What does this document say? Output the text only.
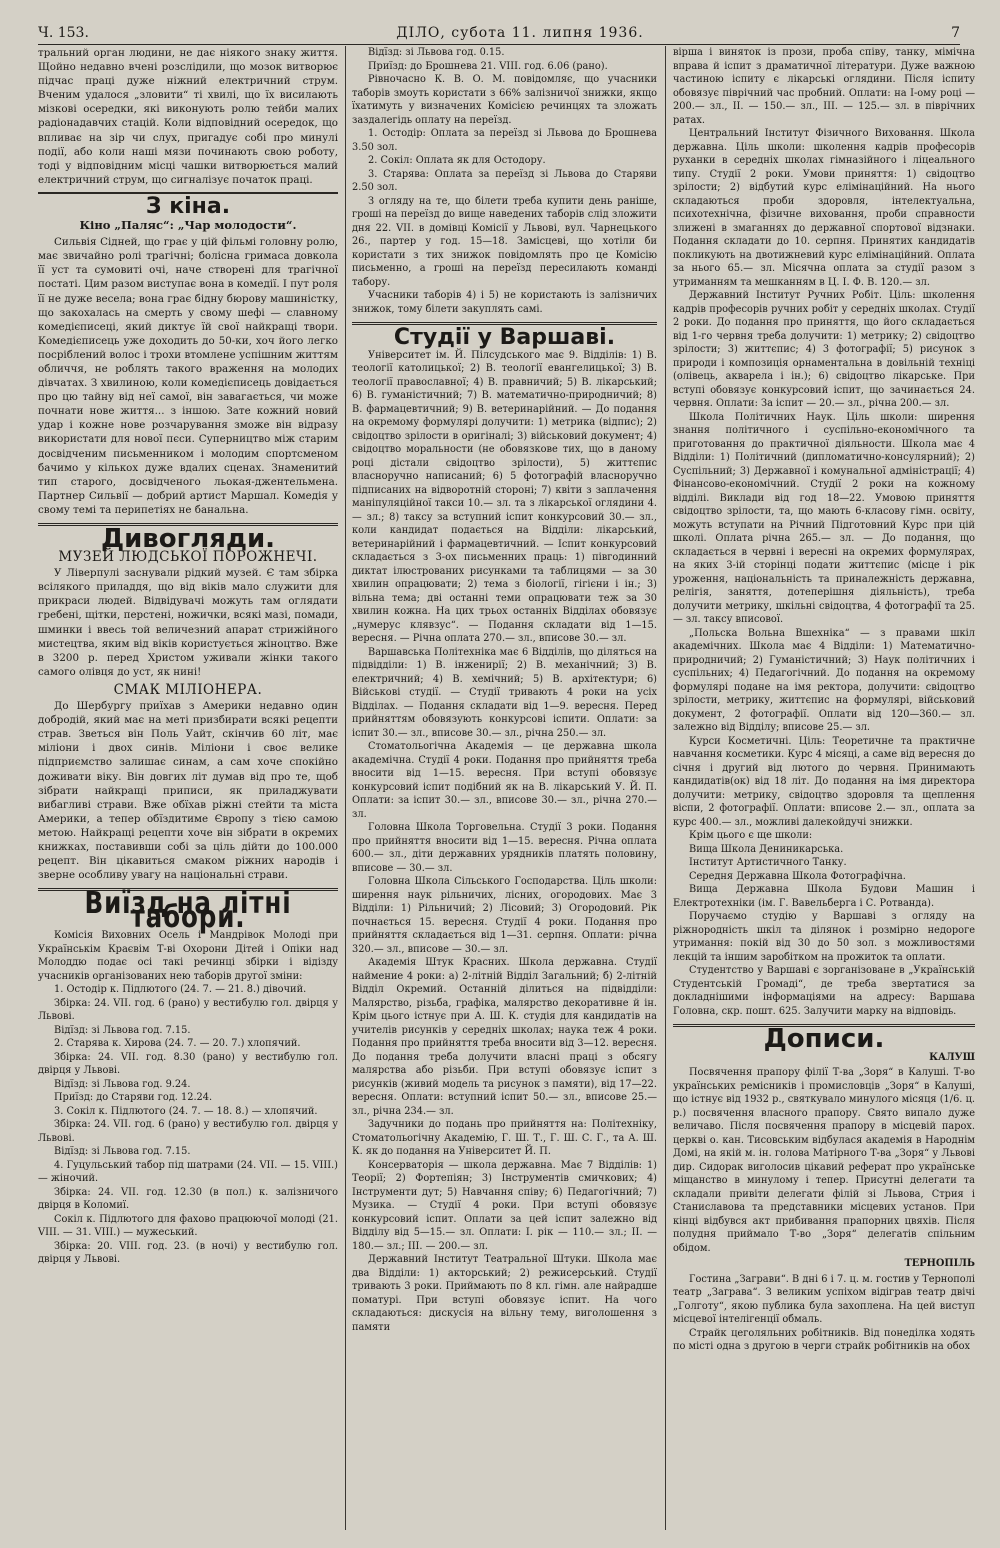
Ч. 153.	ДІЛО, субота 11. липня 1936.	7

тральний орган людини, не дає ніякого знаку життя. Щойно недавно вчені розслідили, що мозок витворює підчас праці дуже ніжний електричний струм. Вченим удалося „зловити“ ті хвилі, що їх висилають мізкові осередки, які виконують ролю тейби малих радіонадавчих стацій. Коли відповідний осередок, що впливає на зір чи слух, пригадує собі про минулі події, або коли наші мязи починають свою роботу, тоді у відповідним місці чашки витворюється малий електричний струм, що сигналізує початок праці.

З кіна.
Кіно „Паляс“: „Чар молодости“.

Сильвія Сідней, що грає у цій фільмі головну ролю, має звичайно ролі трагічні; болісна гримаса довкола її уст та сумовиті очі, наче створені для трагічної постаті. Цим разом виступає вона в комедії. І пут роля її не дуже весела; вона грає бідну бюрову машиністку, що закохалась на смерть у свому шефі — славному комедієписеці, який диктує їй свої найкращі твори. Комедієписець уже доходить до 50-ки, хоч його легко посріблений волос і трохи втомлене успішним життям обличчя, не роблять такого враження на молодих дівчатах. З хвилиною, коли комедієписець довідається про цю тайну від неї самої, він завагається, чи може почнати нове життя... з іншою. Зате кожний новий удар і кожне нове розчарування зможе він відразу використати для нової пєси. Суперництво між старим досвідченим письменником і молодим спортсменом бачимо у кількох дуже вдалих сценах. Знаменитий тип старого, досвідченого льокая-джентельмена. Партнер Сильвії — добрий артист Маршал. Комедія у свому темі та перипетіях не банальна.

Дивогляди.
МУЗЕЙ ЛЮДСЬКОЇ ПОРОЖНЕЧІ.

У Ліверпулі заснували рідкий музей. Є там збірка всілякого приладдя, що від віків мало служити для прикраси людей. Відвідувачі можуть там оглядати гребені, щітки, перстені, ножички, всякі мазі, помади, шминки і ввесь той величезний апарат стрижійного мистецтва, яким від віків користується жіноцтво. Вже в 3200 р. перед Христом уживали жінки такого самого олівця до уст, як нині!

СМАК МІЛІОНЕРА.

До Шербургу приїхав з Америки недавно один добродій, який має на меті призбирати всякі рецепти страв. Зветься він Поль Уайт, скінчив 60 літ, має міліони і двох синів. Міліони і своє велике підприємство залишає синам, а сам хоче спокійно доживати віку. Він довгих літ думав від про те, щоб зібрати найкращі приписи, як приладжувати вибагливі страви. Вже обїхав ріжні стейти та міста Америки, а тепер обїздитиме Європу з тією самою метою. Найкращі рецепти хоче він зібрати в окремих книжках, поставивши собі за ціль дійти до 100.000 рецепт. Він цікавиться смаком ріжних народів і зверне особливу увагу на національні страви.

Виїзд на літні табори.

Комісія Виховних Осель і Мандрівок Молоді при Українськім Краєвім Т-ві Охорони Дітей і Опіки над Молоддю подає осі такі речинці збірки і відізду учасників організованих нею таборів другої зміни:

1. Остодір к. Підлютого (24. 7. — 21. 8.) дівочий.

Збірка: 24. VII. год. 6 (рано) у вестибулю гол. двірця у Львові.

Відїзд: зі Львова год. 7.15.

2. Старява к. Хирова (24. 7. — 20. 7.) хлопячий.

Збірка: 24. VII. год. 8.30 (рано) у вестибулю гол. двірця у Львові.

Відїзд: зі Львова год. 9.24.

Приїзд: до Старяви год. 12.24.

3. Сокіл к. Підлютого (24. 7. — 18. 8.) — хлопячий.

Збірка: 24. VII. год. 6 (рано) у вестибулю гол. двірця у Львові.

Відїзд: зі Львова год. 7.15.

4. Гуцульський табор під шатрами (24. VII. — 15. VIII.) — жіночий.

Збірка: 24. VII. год. 12.30 (в пол.) к. залізничого двірця в Коломиї.

Сокіл к. Підлютого для фахово працюючої молоді (21. VIII. — 31. VIII.) — мужеський.

Збірка: 20. VIII. год. 23. (в ночі) у вестибулю гол. двірця у Львові.

Відїзд: зі Львова год. 0.15.

Приїзд: до Брошнева 21. VIII. год. 6.06 (рано).

Рівночасно К. В. О. М. повідомляє, що учасники таборів змоуть користати з 66% залізничої знижки, якщо їхатимуть у визначених Комісією речинцях та зложать заздалегідь оплату на переїзд.

1. Остодір: Оплата за переїзд зі Львова до Брошнева 3.50 зол.

2. Сокіл: Оплата як для Остодору.

3. Старява: Оплата за переїзд зі Львова до Старяви 2.50 зол.

З огляду на те, що білети треба купити день раніше, гроші на переїзд до вище наведених таборів слід зложити дня 22. VII. в домівці Комісії у Львові, вул. Чарнецького 26., партер у год. 15—18. Замісцеві, що хотіли би користати з тих знижок повідомлять про це Комісію письменно, а гроші на переїзд пересилають команді табору.

Учасники таборів 4) і 5) не користають із залізничих знижок, тому білети закуплять самі.

Студії у Варшаві.

Університет ім. Й. Пілсудського має 9. Відділів: 1) В. теології католицької; 2) В. теології евангелицької; 3) В. теології православної; 4) В. правничий; 5) В. лікарський; 6) В. гуманістичний; 7) В. математично-природничий; 8) В. фармацевтичний; 9) В. ветеринарійний. — До подання на окремому формулярі долучити: 1) метрика (відпис); 2) свідоцтво зрілости в оригіналі; 3) військовий документ; 4) свідоцтво моральности (не обовязкове тих, що в даному році дістали свідоцтво зрілости), 5) життєпис власноручно написаний; 6) 5 фотографій власноручно підписаних на відворотній стороні; 7) квіти з заплачення маніпуляційної такси 10.— зл. та з лікарської оглядини 4.— зл.; 8) таксу за вступний іспит конкурсовий 30.— зл., коли кандидат подається на Відділи: лікарський, ветеринарійний і фармацевтичний. — Іспит конкурсовий складається з 3-ох письменних праць: 1) пiвгодинний диктат ілюстрованих рисунками та таблицями — за 30 хвилин опрацювати; 2) тема з біології, гігієни і ін.; 3) вільна тема; дві останні теми опрацювати теж за 30 хвилин кожна. На цих трьох останніх Відділах обовязує „нумерус клявзус“. — Подання складати від 1—15. вересня. — Річна оплата 270.— зл., вписове 30.— зл.

Варшавська Політехніка має 6 Відділів, що діляться на підвідділи: 1) В. інженирії; 2) В. механічний; 3) В. електричний; 4) В. хемічний; 5) В. архітектури; 6) Військові студії. — Студії тривають 4 роки на усіх Відділах. — Подання складати від 1—9. вересня. Перед прийняттям обовязують конкурсові іспити. Оплати: за іспит 30.— зл., вписове 30.— зл., річна 250.— зл.

Стоматольогічна Академія — це державна школа академічна. Студії 4 роки. Подання про прийняття треба вносити від 1—15. вересня. При вступі обовязує конкурсовий іспит подібний як на В. лікарський У. Й. П. Оплати: за іспит 30.— зл., вписове 30.— зл., річна 270.— зл.

Головна Школа Торговельна. Студії 3 роки. Подання про прийняття вносити від 1—15. вересня. Річна оплата 600.— зл., діти державних урядників платять половину, вписове — 30.— зл.

Головна Школа Сільського Господарства. Ціль школи: ширення наук рільничих, лісних, огородових. Має 3 Відділи: 1) Рільничий; 2) Лісовий; 3) Огородовий. Рік почнається 15. вересня. Студії 4 роки. Подання про прийняття складається від 1—31. серпня. Оплати: річна 320.— зл., вписове — 30.— зл.

Академія Штук Красних. Школа державна. Студії наймение 4 роки: а) 2-літній Відділ Загальний; б) 2-літній Відділ Окремий. Останній ділиться на підвідділи: Малярство, різьба, графіка, малярство декоративне й ін. Крім цього істнує при А. Ш. К. студія для кандидатів на учителів рисунків у середніх школах; наука теж 4 роки. Подання про прийняття треба вносити від 3—12. вересня. До подання треба долучити власні праці з обсягу малярства або різьби. При вступі обовязує іспит з рисунків (живий модель та рисунок з памяти), від 17—22. вересня. Оплати: вступний іспит 50.— зл., вписове 25.— зл., річна 234.— зл.

Задучники до подань про прийняття на: Політехніку, Стоматольогічну Академію, Г. Ш. Т., Г. Ш. С. Г., та А. Ш. К. як до подання на Університет Й. П.

Консерваторія — школа державна. Має 7 Відділів: 1) Теорії; 2) Фортепіян; 3) Інструментів смичкових; 4) Інструменти дут; 5) Навчання співу; 6) Педагогічний; 7) Музика. — Студії 4 роки. При вступі обовязує конкурсовий іспит. Оплати за цей іспит залежно від Відділу від 5—15.— зл. Оплати: І. рік — 110.— зл.; II. — 180.— зл.; III. — 200.— зл.

Державний Інститут Театральної Штуки. Школа має два Відділи: 1) акторський; 2) режисерський. Студії тривають 3 роки. Приймають по 8 кл. гімн. але найрадше поматурі. При вступі обовязує іспит. На чого складаються: дискусія на вільну тему, виголошення з памяти

вірша і виняток із прози, проба співу, танку, мімічна вправа й іспит з драматичної літератури. Дуже важною частиною іспиту є лікарські оглядини. Після іспиту обовязує піврічний час пробний. Оплати: на І-ому році — 200.— зл., II. — 150.— зл., III. — 125.— зл. в піврічних ратах.

Центральний Інститут Фізичного Виховання. Школа державна. Ціль школи: школення кадрів професорів руханки в середніх школах гімназійного і ліцеального типу. Студії 2 роки. Умови приняття: 1) свідоцтво зрілости; 2) відбутий курс елімінаційний. На нього складаються проби здоровля, інтелектуальна, психотехнічна, фізичне виховання, проби справности злижені в змаганнях до державної спортової відзнаки. Подання складати до 10. серпня. Принятих кандидатів покликують на двотижневий курс елімінаційний. Оплата за нього 65.— зл. Місячна оплата за студії разом з утриманням та мешканням в Ц. І. Ф. В. 120.— зл.

Державний Інститут Ручних Робіт. Ціль: школення кадрів професорів ручних робіт у середніх школах. Студії 2 роки. До подання про приняття, що його складається від 1-го червня треба долучити: 1) метрику; 2) свідоцтво зрілости; 3) життєпис; 4) 3 фотографії; 5) рисунок з природи і композиція орнаментальна в довільній техніці (олівець, акварела і ін.); 6) свідоцтво лікарське. При вступі обовязує конкурсовий іспит, що зачинається 24. червня. Оплати: За іспит — 20.— зл., річна 200.— зл.

Школа Політичних Наук. Ціль школи: ширення знання політичного і суспільно-економічного та приготовання до практичної діяльности. Школа має 4 Відділи: 1) Політичний (дипломатично-консулярний); 2) Суспільний; 3) Державної і комунальної адміністрації; 4) Фінансово-економічний. Студії 2 роки на кожному відділі. Виклади від год 18—22. Умовою приняття свідоцтво зрілости, та, що мають 6-класову гімн. освіту, можуть вступати на Річний Підготовний Курс при цій школі. Оплата річна 265.— зл. — До подання, що складається в червні і вересні на окремих формулярах, на яких 3-ій сторінці подати життєпис (місце і рік уроження, національність та приналежність державна, релігія, заняття, дотеперішня діяльність), треба долучити метрику, шкільні свідоцтва, 4 фотографії та 25.— зл. таксу вписової.

„Польска Вольна Вшехніка“ — з правами шкіл академічних. Школа має 4 Відділи: 1) Математично-природничий; 2) Гуманістичний; 3) Наук політичних і суспільних; 4) Педагогічний. До подання на окремому формулярі подане на імя ректора, долучити: свідоцтво зрілости, метрику, життєпис на формулярі, військовий документ, 2 фотографії. Оплати від 120—360.— зл. залежно від Відділу; вписове 25.— зл.

Курси Косметичні. Ціль: Теоретичне та практичне навчання косметики. Курс 4 місяці, а саме від вересня до січня і другий від лютого до червня. Принимають кандидатів(ок) від 18 літ. До подання на імя директора долучити: метрику, свідоцтво здоровля та щеплення віспи, 2 фотографії. Оплати: вписове 2.— зл., оплата за курс 400.— зл., можливі далекойдучі знижки.

Крім цього є ще школи:

Вища Школа Дениникарська.

Інститут Артистичного Танку.

Середня Державна Школа Фотографічна.

Вища Державна Школа Будови Машин і Електротехніки (ім. Г. Вавельберга і С. Ротванда).

Поручаємо студію у Варшаві з огляду на ріжнородність шкіл та ділянок і розмірно недороге утримання: покій від 30 до 50 зол. з можливостями лекцій та іншим заробітком на прожиток та оплати.

Студентство у Варшаві є зорганізоване в „Українській Студентській Громаді“, де треба звертатися за докладнішими інформаціями на адресу: Варшава Головна, скр. пошт. 625. Залучити марку на відповідь.

Дописи.
КАЛУШ

Посвячення прапору філії Т-ва „Зоря“ в Калуші. Т-во українських ремісників і промисловців „Зоря“ в Калуші, що істнує від 1932 р., святкувало минулого місяця (1/6. ц. р.) посвячення власного прапору. Свято випало дуже величаво. Після посвячення прапору в місцевій парох. церкві о. кан. Тисовським відбулася академія в Народнім Домі, на якій м. ін. голова Матірного Т-ва „Зоря“ у Львові дир. Сидорак виголосив цікавий реферат про українське міщанство в минулому і тепер. Присутні делегати та складали привіти делегати філій зі Львова, Стрия і Станиславова та представники місцевих установ. При кінці відбувся акт прибивання прапорних цвяхів. Після полудня приймало Т-во „Зоря“ делегатів спільним обідом.

ТЕРНОПІЛЬ

Гостина „Заграви“. В дні 6 і 7. ц. м. гостив у Тернополі театр „Заграва“. З великим успіхом відіграв театр двічі „Голготу“, якою публика була захоплена. На цей виступ місцевої інтелігенції обмаль.

Страйк цеголяльних робітників. Від понеділка ходять по місті одна з другою в черги страйк робітників на обох
